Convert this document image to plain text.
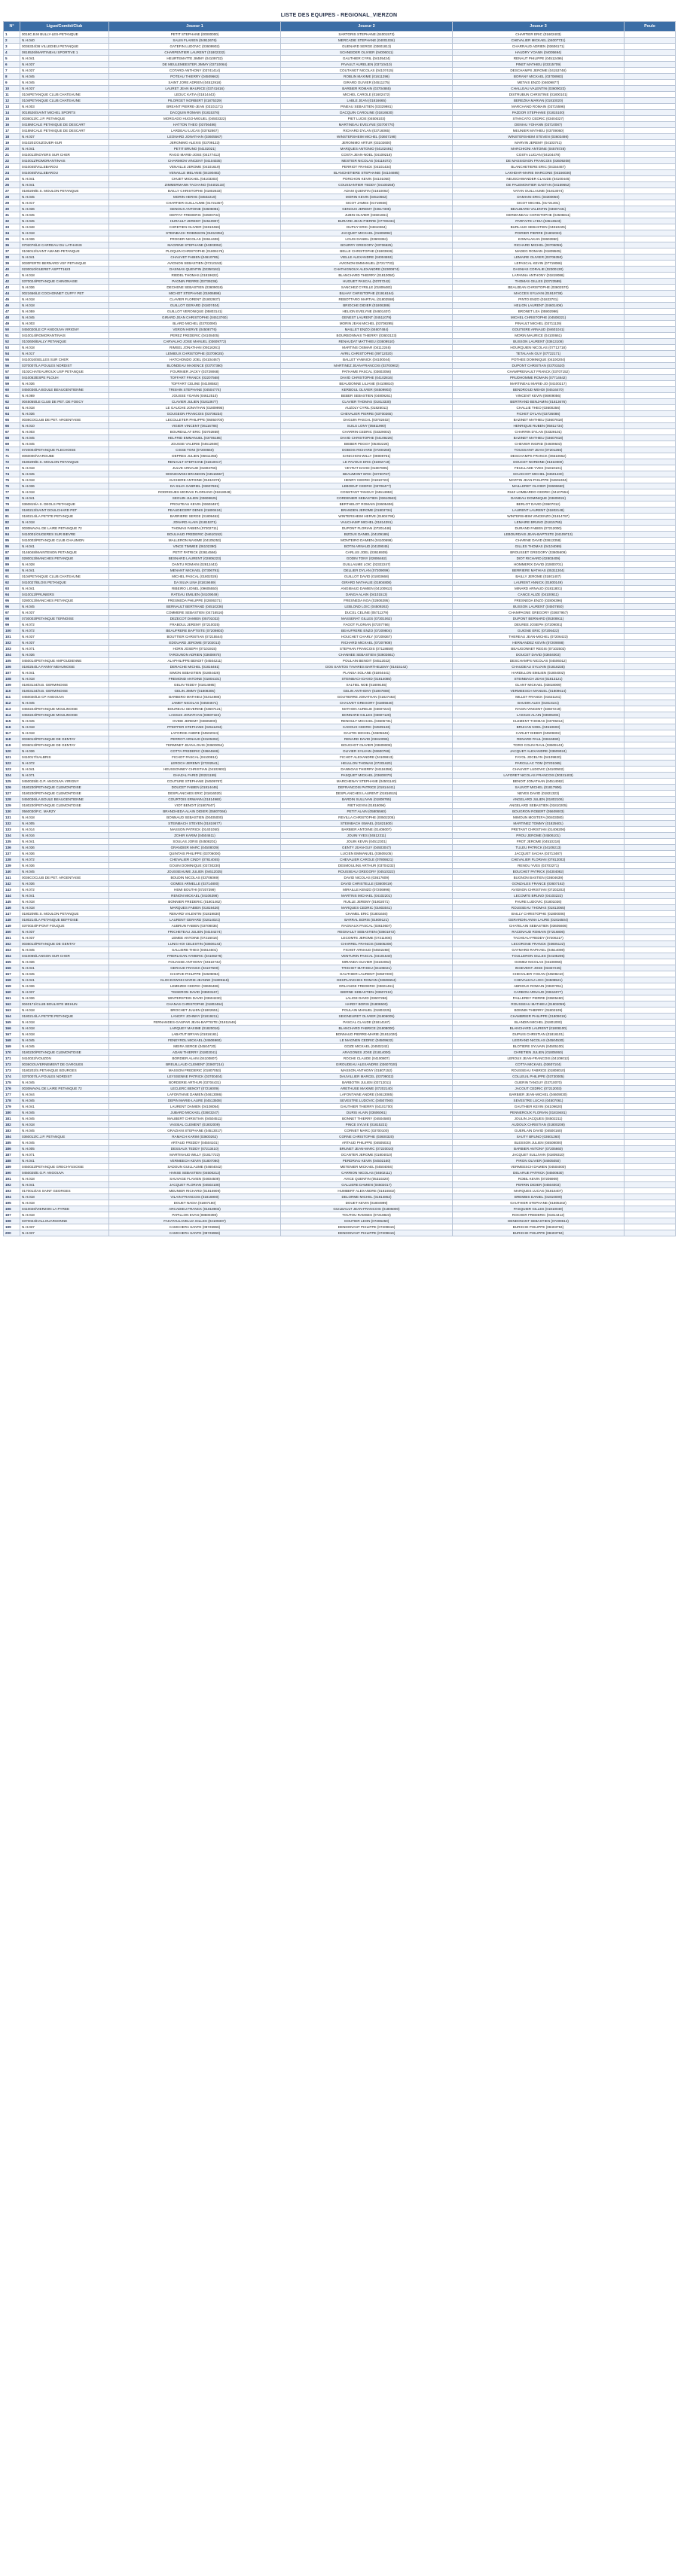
LISTE DES EQUIPES - REGIONAL_VIERZON
N°	Ligue/Comité/Club	Joueur 1	Joueur 2	Joueur 3	Poule
1	0018C.B.M BULLY-LES-PETANQUE	PETIT STEPHANE (00000000)	SARTORIS STEPHANE (04001573)	CHARTIER ERIC (01602403)	
2	N.H.040	SALIN FLAVIEN (04912676)	MERCADIE STEPHANE (04001034)	CHEVALIER MICKAEL (04007731)	
3	0036334/36 VILLEDIEU PETANQUE	GATEFIN LUDOVIC (03609902)	GUENARD SERGE (03601813)	CHARRAUD ADRIEN (03606171)	
4	0818526/MARTINEAU SPORTIVE 1	CHARPENTIER LAURENT (01802332)	SCHNEIDER OLIVIER (04006011)	HAUDRY YOANN (04005694)	
5	N.H.041	HEURTEMATTE JIMMY (04109732)	GAUTHIER CYRIL (04105424)	RENAUT PHILIPPE (04512496)	
6	N.H.037	DE MEULEMEESTER JIMMY (03710064)	PIVAULT AURELIEN (03710410)	PINET MATHIEU (03315709)	
7	N.H.037	COTARD ANTHONY (03741414)	COUTANGT NICOLAS (04107415)	DESCHAMPS JEROME (04153748)	
8	N.H.045	POTEAU THIERRY (04509662)	ROBLIN MAXIME (01611296)	BORANY MICKAEL (03708983)	
9	N.H.045	SAINT JORE ADRIEN (04512918)	GIRARD OLIVIER (04511275)	METAIS ENZO (04609877)	
10	N.H.037	LAURET JEAN MAURICE (03741616)	BARBIER ROMAIN (03704865)	CHALLEAU VALENTIN (03609023)	
11	0104PETANQUE CLUB CHATEAUNE	LEDUC KATIA (01814443)	MICHEL CAROLE (01602472)	DISTRUBUN CHRISTINE (01800101)	
12	0104PETANQUE CLUB CHATEAUNE	PILORGET NORBERT (01875329)	LABLE JEAN (01816665)	BEREZNA MARIAN (01810020)	
13	N.H.003	BREANT PIERRE-JEAN (03101171)	PINEAU SEBASTIEN (03329981)	MARCHAND ROMAIN (03715596)	
14	0018526/SAINT MICHEL SPORTS	DACQUIN ROMAIN (01815376)	DACQUIN CAROLINE (01816630)	PAZDOR STEPHANE (01815100)	
15	0036012/C.J.P. PETANQUE	MORGADO HUGO-MIGUEL (04503322)	PIET LUCIE (04505103)	STANCATO CEDRIC (03404327)	
16	0418MICALE PETANQUE DE DESCART	HATTON THEO (03706486)	MARTINEAU EVELYNE (03700770)	DENIAU YOHANN (03710087)	
17	0418MICALE PETANQUE DE DESCART	LARDEAU LUCAS (03762867)	RICHARD DYLAN (03716065)	MEUNIER MATHIEU (03709060)	
18	N.H.037	LEONARD JONATHAN (03605567)	WINSTERSHEIM MICHEL (03607198)	WINSTERSHEIM STEVEN (03603498)	
19	0410201/OUZOUER-SUR	JERONIMO ALEXIS (03709123)	JERONIMO ARTUR (03102600)	MARVIN JEREMY (04103741)	
20	N.H.041	PETIT BRUNO (04102021)	MARQUES ANTONIO (04102491)	MARCHIONI ANTOINE (04578728)	
21	0410013/NOYERS SUR CHER	RAGO MARIE-JOSE (04177412)	COSTA JEAN-NOEL (04109218)	COSTA LUCIAN (04104478)	
22	0410011/ROMORANTINAIS	CHARMION VINCENT (04104035)	MESTIER NICOLAS (04119372)	DE MASSIGNON FRANCOIS (03609208)	
23	0410045/VILLEBAROU	VENAILLE JEROME (04101619)	PERRIOT FRANCK (04101434)	BLANCHETIERE ERIC (04154467)	
24	0410045/VILLEBAROU	VENAILLE MELANIE (04190482)	BLANCHETIERE STEPHANIE (04104695)	LAKHDAR-MARIE MARCONE (04156036)	
25	N.H.041	CHUET MICKAEL (04103303)	PORCHON KEVIN (04101050)	NEUSCHWANDER CLAUDE (04100446)	
26	N.H.041	ZIMMERMANN TACHANO (04402133)	COUSSANTIER TEDDY (04100258)	DE PALEMONTIER GAETAN (04159652)	
27	0180209/E.S. MOULON PETANQUE	BAILLY CHRISTOPHE (01802633)	ADAM QUENTIN (01810092)	VATAN GUILLAUME (01813074)	
28	N.H.045	MORIN HERVE (04502219)	MORIN KEVIN (04510662)	DAMIANI ERIC (03300050)	
29	N.H.017	CHARTIER GUILLAUME (01721357)	SICOT JAMES (01719936)	SICOT MICHEL (01721301)	
30	N.H.036	GENOUX ANTOINE (03606081)	GENOUX JEREMY (03617305)	BEAUBARD VALENTIN (03607431)	
31	N.H.045	DEFFAY FREDERIC (04500734)	JUBIN OLIVIER (04501661)	GERMANEAU CHRISTOPHE (04506811)	
32	N.H.045	HURAULT JEREMY (04510907)	BURARD JEAN PIERRE (07700234)	PARFAITE LYDIA (04513623)	
33	N.H.048	CHRETIEN OLIVIER (04810466)	DUPUY ERIC (04810364)	BURLAUD SEBASTIEN (04810225)	
34	N.H.018	STEINBACH ROBINSON (01810353)	JACQUET MICKAEL (01806992)	POIRIER PIERRE (01802023)	
35	N.H.036	FROGER NICOLAS (03614408)	LOUIS DANIEL (03603384)	KOWALAKAN (03603950)	
36	0702076/LE CARREAU DU LATHANIS	MAGRINE STEPHANE (04303052)	BOURRY GREGORY (03706625)	RICHARD MICHEL (03706055)	
37	0106012/SAINT AMAND-PETANQUE	PLOQUIN CHRISTOPHE (01806176)	BELLE CHRISTOPHE (01803936)	MADEG ROMAIN (01809505)	
38	N.H.041	CHAUVET FABIEN (04610785)	VIELLE ALEXANDRE (04004553)	LEMAIRE OLIVIER (03706350)	
39	0030FERTE BERNARD VSF PETANQUE	AVIGNON SEBASTIEN (07210153)	AVIGNON EMMANUEL (07217733)	LEPASCAL KEVIN (07719086)	
40	0230010/GUERET ASPTT1623	DASNIAS QUENTIN (02350162)	CHATAIGNOUX ALEXANDRE (02300874)	DASNIAS CORALIE (02300130)	
41	N.H.018	RIEDEL THOMAS (01819622)	BLANCHARD THIERRY (01810050)	LAPANNA ANTHONY (01819086)	
42	0370024/PETANQUE CHINONAISE	PAGNIN PIERRE (03739236)	HUGUET PASCAL (03707242)	THOMAS GILLES (03723589)	
43	N.H.036	DECHENE SEBASTIEN (03609018)	SANCHEZ CYRILLE (01806483)	BEAUJEAN CHRISTOPHE (03602570)	
44	0021656/LE COCHONNET CUFFY PET	MICHOT STEPHANE (01906898)	BILHAY CHRISTOPHE (01916164)	MACCES SYLVAIN (01919738)	
45	N.H.018	CLAVIER FLORENT (01802937)	REBOTTARO MARTIAL (01802558)	PINTO ENZO (01823701)	
46	N.H.018	GUILLOT GERARD (01807404)	BRIOCHE DIDIER (01806389)	HELION LAURENT (04601406)	
47	N.H.059	GUILLOT VERONIQUE (05803141)	HELION EVELYNE (04601407)	BRONET LEA (05902996)	
48	N.H.045	GIRARD JEAN CHRISTOPHE (04513760)	GENEST LAURENT (04511079)	MICHEL CHRISTOPHE (04508321)	
49	N.H.003	BLARD MICHEL (03703090)	MORIN JEAN MICHEL (03708295)	PINAULT MICHEL (03711129)	
50	0450020/LE CP ANGOUVA VIRIGNY	VERON HERVE (04508776)	MAILLET ENZO (04607484)	GOUTIERE ARNAUD (04601041)	
51	0410014/ROMORANTINAIS	PEREZ FREDERIC (04108405)	BOURBONNAIS THIERRY (03603123)	MORIN MAURICE (04100661)	
52	0103606/BALLY PETANQUE	CARVALHO JOSE MANUEL (03609772)	RENAUDAT MATTHIEU (03609510)	BUSSON LAURENT (03613108)	
53	N.H.018	RIMSEL JONATHAN (09116261)	MARTINS OSIMAR (04112246)	HOURQUIEN NICOLAS (07712718)	
54	N.H.017	LEMIEUX CHRISTOPHE (03709025)	AVRIL CHRISTOPHE (09712020)	TETALAAN GUY (07722171)	
55	0410016/SELLES SUR CHER	HATCHONDO JOEL (04104467)	BALLET YANNICK (04100044)	POTHEE DOMINIQUE (04100204)	
56	0370007/LA POULES NORDIST	BLONDEAU MAXENCE (03707360)	MARTINEZ JEAN-FRANCOIS (03700902)	DUPONT CHRISTIAN (03701520)	
57	0102CHATEAUROUX USP PETANQUE	FOURNIER JACKY (03729068)	PATHAME PASCAL (03602056)	CHAMPRENAULT FRANCK (03707152)	
58	0410063/ESPE PLOUH	TOFFART FRANCK (03207568)	DAVID CHRISTOPHE (04102816)	PRUDHOMME ROMAIN (07714642)	
59	N.H.036	TOFFART CELINE (04108582)	BEAUDONNE LILIANE (04108810)	MARTINEAU MARIE-JO (04100217)	
60	0450036/LA BOULE BEAUGENTIENNE	TRISHIN STEPHANE (04504774)	KERBOUL OLIVIER (04509903)	BENDROUD MEHDI (04516470)	
61	N.H.069	JOUSSE YOANN (04612510)	BEBER SEBASTIEN (04809261)	VINCENT KEVIN (06909056)	
62	0045055/LE CLUB DE PET. DE FOECY	CLAVIER JULIEN (01813677)	CLAVIER THOMAS (01813330)	BERTRAND BENJAMIN (01813676)	
63	N.H.018	LE GAUCHE JONATHAN (01809995)	AUZOLY CYRIL (01825011)	CHALLIE THEO (03600256)	
64	N.H.036	GOUGEON FRANCOIS (03708234)	CHEVALIER PIERRE (03700265)	FICHET DYLAN (03726086)	
65	0036COCLUB DE PET. ARGENTAISE	LECOLLETER PHILIPPE (06050700)	DAGUIN PASCAL (03702402)	BAZINET MATHIEU (03607818)	
66	N.H.010	VIGIER VINCENT (06116785)	SUILS LONY (05811990)	HENRIQUE RUBEN (05811734)	
67	N.H.003	BOURDILLAT ERIC (03702859)	CHARRIN CEDRIC (03329002)	CHARRIN DYLAN (03329101)	
68	N.H.045	HELFRID EMMANUEL (03705185)	DAVID CHRISTOPHE (04109226)	BAZINET MATHIEU (03607818)	
69	N.H.045	JOUSSE VALERIE (04612608)	BIEBER PEGGY (05302226)	CHEVIER INGRID (04609503)	
70	0720004/PETANQUE FLECHOISE	CISSE TONI (07200650)	DOBOIS RICHARD (07200268)	TOUSSAINT JEAN (07201266)	
71	0060000/VIAROUBE	DEPRES JULIEN (06611356)	SANICHON WILLY (06908761)	DESCHAMPS FRANCK (06610652)	
72	0180209/E.S. MOULON PETANQUE	RENAULT STEPHANE (01810017)	LE PAVOUX ERIC (01902719)	DOUCET NORDINE (01810000)	
73	N.H.018	JULVE ARNAUD (01803766)	VEYRAT DAVID (01807805)	FEUILLADE YVES (01810101)	
74	N.H.045	WISNICWSKI BRANDON (04515557)	BEAUMONT ERIC (03730767)	SCUICHOT MICHEL (04501230)	
75	N.H.018	AUCHERE ANTOINE (01810378)	HENRY CEDRIC (01810723)	MARTIN JEAN-PHILIPPE (04602404)	
76	N.H.036	DA SILVA GABRIEL (03607681)	LEBOEUF CEDRIC (03706477)	MAILLERET OLIVIER (03606660)	
77	N.H.018	RODRIGUES MORAIS FLORIANO (01818048)	CONSTANT TANGUY (04614953)	RUIZ LOMBARDO CEDRIC (04107554)	
78	N.H.041	SEGUIN JULIEN (03608625)	CORDENIER SEBASTIEN (03610563)	DANIEAU DOMINIQUE (03609024)	
79	0360819/A.S. DEOLS PETANQUE	PROUTEAU KEVIN (03603487)	BERTHELOT ROMAIN (03605406)	BERLOT DAVID (03607012)	
80	0180213/SAINT DOULCHARD PET	PEAUDECERF DENIS (01800424)	BRANDEN JEROME (01803734)	LAURENT LAURENT (01802148)	
81	0180214/LA PETITE PETANQUE	BARRIERE SERGE (01809462)	WINTERSHEIM HERVE (01804795)	WINTERSHEIM VINCENZO (01814797)	
82	N.H.018	JONARD ALAIN (01815371)	VAUCHAMP MICHEL (01814291)	LEMAIRE BRUNO (01815765)	
83	0030MAVAL DE LAIRE PETANQUE 72	THOMAS FABIEN (07202711)	DUPONT FLORIAN (07201448)	DURAND FABIEN (07212000)	
84	0410001/OUGERES SUR BIEVRE	BOULIAUD FREDERIC (04610152)	BIZOUX DANIEL (04109186)	LEBOURDAIS JEAN-BAPTISTE (04109713)	
85	0410003/PETANQUE CLUB CHAUMON	MALLERON MAXIME (04105253)	MONTEIRO DAMIEN (04100699)	CHARINE DAVID (03612358)	
86	N.H.041	VINCE TIMMEE (06102390)	BOTIN ARNAUD (04109045)	GILLES THOMAS (04104069)	
87	0146048/MAINTENON PETANQUE	PETIT PATRICK (03614566)	CARLUS JOEL (03616939)	BROUSSET GREGORY (03605609)	
88	0280013/MANCHES PETANQUE	BESNARD LAURENT (02806223)	GODIN TONY (02806462)	DIOT RICHARD (02803409)	
89	N.H.028	DANTU ROMAIN (02812443)	GUILLAUME LOIC (02322247)	HOMMERIX DAVID (02800701)	
90	N.H.041	MENANT MICKAEL (07306791)	DELLIER DYLAN (07209099)	BERRIERE MATHIAS (05311304)	
91	0104PETANQUE CLUB CHATEAUNE	MICHEL PASCAL (01802026)	GUILLOT DAVID (01803668)	BAILLY JEROME (01801407)	
92	0410027/BLOIS PETANQUE	DA SILVA LINA (01819469)	GIRARD NATHALIE (01804808)	LAURENT ANNICK (01800149)	
93	N.H.041	RIBEIRO LIONEL (09605550)	ANGIBAUD DAMIEN (04100912)	MINARD ARNAUD (01811801)	
94	0410012/PRUNIERS	RATEAU EMILIEN (04109049)	DANGA ALAIN (04101513)	CANCE ALIZE (04100611)	
95	0280013/MANCHES PETANQUE	FRESNEDA PHILIPPE (02806371)	FRESNEDA NOA (02806395)	FRESNEDA ENZO (02806396)	
96	N.H.045	BERNAULT BERTRAND (04510236)	LEBLOND LOIC (04509263)	BUSSON LAURENT (04507650)	
97	N.H.037	COMMERE SEBASTIEN (04716516)	DUCEL CELINE (05711279)	CHAMPAGNE GREGORY (03607957)	
98	0730003/PETANQUE TERNOISE	DEZECOT DAMIEN (05701022)	MASSERAT GILLES (07301062)	DUPONT BERNARD (05308911)	
99	N.H.072	FRABOUL JEREMY (07210025)	FAGOT FLORIAN (07207766)	DEUREE JOSEPH (07209001)	
100	N.H.072	BEAUFRERE BAPTISTE (07209803)	BEAUFRERE ENZO (07209804)	GUIGNE ERIC (07206422)	
101	N.H.037	BOUTTIER CHRISTIAN (07215544)	HOUCHET CHARLY (07209367)	THEREAU JEAN-MICHEL (07206423)	
102	N.H.037	EDOUARD JEROME (07202013)	RICHARD MICKAEL (07207808)	HERNANDEZ KEVIN (07209088)	
103	N.H.071	HORN JOSEPH (07101915)	STEPHAN FRANCOIS (07118659)	BEAUGONNET REGIS (07102502)	
104	N.H.036	TAROUNON ADRIEN (03608675)	CHANNEE SEBASTIEN (03603661)	DOUCET DAVID (03604003)	
105	0450014/PETANQUE AMPOUDIENNE	ALAPHILIPPE BENOIT (04504211)	POULAIN BENOIT (04512022)	DESCHAMPS NICOLAS (04506012)	
106	0180254/LA FANNY MEHUNOISE	DERACHE MICHEL (01816461)	DOS SANTOS TAVARES BARTHELEMY (01815142)	CHAUDEAU SYLVAIN (01818235)	
107	N.H.041	SIMON SEBASTIEN (01804426)	PLANSA SOLANE (01804441)	HARDILLON EMILIEN (01804002)	
108	N.H.018	FREMOND ANTOINE (01804101)	STEINBACH DAVID (01814085)	STEINBACH JEAN (01813121)	
109	01803134/S.B. GERMINOISE	GELIN TEDDY (01814985)	SALTIEL NOE (01809155)	GLANT MICKAEL (03818009)	
110	01803134/S.B. GERMINOISE	GELIN JIMMY (01808305)	GELIN ANTHONY (01907808)	VERMEESCH MANUEL (01809614)	
111	0450020/LE CP ANGOUVA	BARBERO MATHIEU (01014986)	GOUTIERRE JONATHAN (01827463)	MILLET FRANCK (01621161)	
112	N.H.045	JAMET NICOLAS (04504671)	CHAUVET GREGORY (01805640)	BAUDIN ALEX (01813131)	
113	0450224/PETANQUE MOULINOISE	BOUREAU SEVERINE (03607121)	MATHON AURELIE (03607223)	RAGIN VINCENT (03607219)	
114	0450224/PETANQUE MOULINOISE	LASSUS JONATHAN (03607324)	BONNARD GILLES (03607128)	LASSUS ALAIN (03605304)	
115	N.H.045	OVIDE JEREMY (03605000)	RENOULT MICHAEL (03606731)	CLEMENT THOMAS (03705014)	
116	N.H.018	PFEIFFER STEPHANE (04511294)	CADOUX CEDRIC (04509133)	BRUHAN NOEL (04510603)	
117	N.H.018	LAFORGE ANDRE (04502024)	DAUTIN MICHEL (04505646)	CARLET DIDIER (04509302)	
118	0036013/PETANQUE DE GENTAY	PERROT ARNAUD (03105392)	RENARD DAVID (03610095)	RENARD PAUL (03615590)	
119	0036013/PETANQUE DE GENTAY	TERMINET JEAN-LOUIS (03600054)	BOUCHOT OLIVIER (03609008)	TORO COLIN RAUL (03609143)	
120	N.H.036	COTTA FREDERIC (03604669)	OLIVIER SYLVAIN (03600769)	JACQUET ALEXANDRE (03609024)	
121	0410017/SALBRIS	FICHOT PASCAL (04100812)	FICHOT ALEXANDRE (04109813)	FAYOL JOCELYN (04109820)	
122	N.H.072	LEROCH JEREMY (07202541)	HEULLON THOMAS (07201620)	PARCILLAC TOM (07201065)	
123	N.H.041	HEUSSONNEY CHRISTIAN (04102602)	DANNOAS THIERRY (04116358)	CHAUVET LUDOVIC (04100502)	
124	N.H.071	GHAZAL FARID (00221159)	PASQUET MICKAEL (03600070)	LAFORET NICOLAS FRANCOIS (00321403)	
125	0450025/E.G.P. ANGOUVA VIRIGNY	COUTURE STEPHANE (04509767)	MARCHENAY STEPHANE (04501140)	BENOIT JONATHAN (04514062)	
126	0180230/PETANQUE CLEMONTOISE	DOUCET FABIEN (01814446)	DEFRANCOIS PATRICE (01814441)	SAUVOT MICHEL (01817906)	
127	0180230/PETANQUE CLEMONTOISE	DESPLANCHES ERIC (01816020)	DESPLANCHES LAURENT (01816515)	NEVES DAVID (01821323)	
128	0450036/LA BOULE BEAUGENTIENNE	COURTOIS ERWANN (01814960)	BARDIN SULLIVAN (01808765)	ANGELARD JULIEN (01802106)	
129	0180230/PETANQUE CLEMONTOISE	VIOT BENOIT (01807847)	RIET KEVIN (01816096)	ANGELARD SEBASTIEN (01810205)	
130	0560030/P.C. MARZY	BRANDHEDA ALAIN DIDIER (05807066)	PETIT ALAIN (05805560)	BOUGRON ROBERT (05609003)	
131	N.H.018	BONNAUD SEBASTIEN (00405000)	REVILLA CHRISTOPHE (00502205)	MIMOUN MOSTEFA (00403080)	
132	N.H.005	STEINBACH STEVEN (01819577)	STEINBACH ISMAEL (01821500)	MARTINEZ TOMMY (01825601)	
133	N.H.014	MASSON PATRICK (01401050)	BARBIER ANTOINE (01406007)	PRETANT CHRISTIAN (01406206)	
134	N.H.016	ZOHIR KARIM (04504611)	JOUIN YVES (04512311)	PROU JEROME (04506101)	
135	N.H.041	SOULAS JORIS (04508201)	JOUIN KEVIN (04512301)	FROT JEROME (04510218)	
136	N.H.036	GRANDIER MARC (04508039)	GENTY JEAN-GUY (04503047)	TULEU PATRICK (04109213)	
137	N.H.036	QUINTAIS PHILIPPE (03706000)	LUCIEN EMMANUEL (03609105)	JACQUET SACHA (03713487)	
138	N.H.072	CHEVALIER CINDY (07814045)	CHEVALIER CAROLE (07806621)	CHEVALIER FLORIAN (07812002)	
139	N.H.036	GOUIN DOMINIQUE (03730230)	DESMOULINS ARTHUR (03704232)	RENOU YVES (03703271)	
140	N.H.045	JOUSSEAUME JULIEN (04612025)	ROUSSEAU GREGORY (04510322)	BOUCHET PATRICK (04304082)	
141	0036COCLUB DE PET. ARGENTAISE	BOUDIN NICOLAS (03706069)	DAVID NICOLAS (03617609)	BUGNON BASTIEN (03604639)	
142	N.H.036	GOMES ARMELLE (03714800)	DAVID CHRISTELLE (03600019)	GONZALES FRANCE (03607162)	
143	N.H.072	HEMI BOUTHI (07207399)	MIRAILLE KENZO (07206996)	AVIGNON CHRISTIAN (07202202)	
144	N.H.041	RENON MICKAEL (04106398)	MARTINS MICHAEL (04102201)	LECOMTE BRUNO (04103222)	
145	N.H.018	BONNIER FREDERIC (01801462)	RUILLE JEREMY (01802071)	FAURE LUDOVIC (01801026)	
146	N.H.018	MARQUES FABIEN (01819426)	MARQUES CEDRIC (01803041)	ROUSSEAU THOMAS (01812065)	
147	0180209/E.S. MOULON PETANQUE	RENARD VALENTIN (01819830)	CHAMEL ERIC (01801646)	BAILLY CHRISTOPHE (01800006)	
148	0180214/LA PETANQUE BEFFOISE	LAURENT GERARD (01814021)	BARRAL BORIS (01809121)	GERARDIN ANNA LAURE (01816504)	
149	0370024/P.PONT FOUQUE	AUBRUN FABIEN (03708035)	RAGNAUX PASCAL (03610607)	CHATELAIN SEBASTIEN (03605606)	
150	N.H.037	FRICHETEAU JULIEN (04104274)	REGNAULT SEBASTIEN (03601872)	RACENAUD ROMAIN (07216806)	
151	N.H.037	LEMEE ANTOINE (07216016)	LECOMTE JEROME (07211006)	TACHEAU FREDDY (07206217)	
152	0036013/PETANQUE DE GENTAY	LUNG HOI CELESTIN (03606143)	CHARREL FRANCIS (03605208)	LECORGNE FRANCK (03605122)	
153	N.H.045	SALLIERE THEO (04614601)	FICHET ARNAUD (04502268)	GAYMARD RAPHAEL (04514098)	
154	0410065/LANGON SUR CHER	FRERLIGAN AYMERIC (04108276)	VENTURIN PASCAL (04101540)	TOULLERON GILLES (04105205)	
155	N.H.036	FOUASSE ANTHONY (04510742)	MIRANDA OLIVIER (04102062)	GOMEZ NICOLAS (04108066)	
156	N.H.041	GERAUD FRANCK (04107500)	TRICHET MATHIEU (04105021)	INGEVENT JOSE (03337245)	
157	N.H.045	CHARVE PHILIPPE (04509054)	GAUTHIER LAURENT (04507200)	CHEVALIER YOHAN (04508210)	
158	N.H.041	KLOCKOWSKI MARIE-JEANNE (01809116)	DESPLANCHES ROMAIN (03606554)	CHEVALEAU LOIC (04508521)	
159	N.H.036	LEMEZEE CEDRIC (03606486)	ORLIANGE FREDERIC (03601461)	ABRIOUX ROMAIN (03607051)	
160	N.H.037	TISSERON DAVID (03603167)	BIERNE SEBASTIEN (03607210)	CARBON ARNAUD (03616077)	
161	N.H.036	WINTERSTEIN DAVID (03604230)	LALIGE DAVID (03607266)	PAILLEREY PIERRE (03605460)	
162	0040171/CLUB BOULISTE MEHUN	CHANAS CHRISTOPHE (01802464)	HARDY BORIS (01806500)	ROUSSEAU MATHIEU (01802059)	
163	N.H.018	BROCHET JULIEN (01802651)	POULAIN MANUEL (01802225)	BONNIN THIERRY (01802109)	
164	0180214/LA PETITE PETANQUE	LANCRY JOHNNY (01819211)	SEIGNEURET OLIVIER (01806005)	CHAMBRIER PHILIPPE (01809019)	
165	N.H.018	FERNANDES-GASPAR JEAN-BAPTISTE (01811546)	PASCAL CLAUDE (01814167)	BLANDIN MICHEL (01801000)	
166	N.H.018	LARQUEY MAXIME (01820016)	BLANCHARD FABRICE (01808000)	BLANCHARD LAURENT (01808100)	
167	N.H.018	LABATUT BRYAN (01816161)	BONNAUD PIERRE-MARIE (01811020)	DUPUIS CHRISTIAN (01816101)	
168	N.H.045	FENEYROL MICKAEL (04506960)	LE MAGNEN CEDRIC (04509622)	LEGRAND NICOLAS (04504530)	
169	N.H.045	MEIRA SERGE (04504720)	GOZE MICKAEL (04502242)	BLOTIERE SYLVAIN (04505100)	
170	0180230/PETANQUE CLEMONTOISE	ADAM THIERRY (01802041)	ARAGONES JOSE (01814000)	CHRETIEN JULIEN (01805060)	
171	0410022/VOUZON	BORDIER ALAIN (04100807)	ROCHE CLAUDE (04100807)	LEROUX JEAN-FRANCOIS (04109012)	
172	0036GOUVERNEMENT DE GARGUES	BREUILLAUD CLEMENT (03607214)	GIROUDEAU ALEXANDRE (03607020)	COTTA MICKAEL (03607104)	
173	0180202/S.PETANQUE BOURGES	MASSON FREDERIC (01807053)	MASSON ANTHONY (01807152)	ROUSSEAU FABRICE (01808010)	
174	0370007/LA POULES NORDIST	LEYSSENNE PATRICK (03700404)	DAUVILLIER MARCEL (03709022)	COLLEUIL PHILIPPE (03730005)	
175	N.H.045	BORDERIE ARTHUR (03704431)	BARBOTIN JULIEN (03712011)	GUERIN TANGUY (03710070)	
176	0030MAVAL DE LAIRE PETANQUE 72	LECLERC BENOIT (07216009)	ARETHUSE MAXIME (07202140)	JACOUT CEDRIC (07212003)	
177	N.H.044	LAFONTAINE DAMIEN (04613086)	LAFONTAINE ANDRE (04613085)	BARBIER JEAN-MICHEL (04609030)	
178	N.H.045	DEPIN MARIE-LAURE (04513508)	SEVESTRE LUDOVIC (04507060)	SEVESTRE LUCAS (04507061)	
179	N.H.041	LAURENT DAMIEN (04108054)	GAUTHIER THIERRY (04101700)	GAUTHIER KEVIN (04109620)	
180	N.H.045	JUBARD MICKAEL (03603247)	DURIS ALAIN (03606061)	PENNEROUX FLORIAN (01819481)	
181	N.H.045	MAUBERT CHRISTIAN (04504511)	BONNET THIERRY (04504580)	JOULIN JACQUES (04502211)	
182	N.H.018	VASSIAL CLEMENT (01802009)	PINCE SYLVIE (01815221)	AUDOUX CHRISTIAN (01800208)	
183	N.H.045	GRAZIANI STEPHANE (04513017)	CORNET MARC (03700100)	GUERLAIN DAVID (04500160)	
184	0360012/C.J.P. PETANQUE	RAMACH KARIM (03600262)	CORNE CHRISTOPHE (03600320)	SAUTY BRUNO (03601260)	
185	N.H.045	ARTAUD FREDDY (04504101)	ARTAUD PHILIPPE (04505031)	BLESSON JULIEN (04508000)	
186	N.H.005	DESSAUX TEDDY (07213410)	BRUNET JEAN-MARC (07220010)	BARBIER ANTONY (07205660)	
187	N.H.071	MARTINAUD WILLY (01817723)	OCANTER JEROME (01804010)	JACQUET SULLIVAN (01809310)	
188	N.H.041	VERMEECH KEVIN (01807060)	PERDRIAU KEVIN (04502160)	PIRON OLIVIER (04605050)	
189	0450022/PETANQUE GRECHYSSOISE	SADOUN GUILLAUME (04604042)	METENIER MICKAEL (04504004)	VERMEESCH DAMIEN (04504000)	
190	0450025/E.G.P. ANGOUVA	HANSE SEBASTIEN (04500212)	CARRION NICOLAS (04502111)	DELARUE PATRICK (04500630)	
191	N.H.018	SAUVAGE FLAVIEN (04604509)	AVICE QUENTIN (05310220)	ROBIL KEVIN (07206909)	
192	N.H.041	JACQUET FLORIAN (04502108)	GALLIERE DAMIEN (04502017)	PERRIN DIDIER (04504003)	
193	0170013/AS SAINT GEORGES	MEUNIER RICHARD (01816909)	HUMBERT ALEXANDRE (01816502)	MARQUES LUCAS (01816407)	
194	N.H.018	VILAIN FRANCOIS (01816900)	DELORME MICHEL (01814852)	BREMBIS DANIEL (01810009)	
195	N.H.018	DOUET NADIA (01807180)	DOUET KEVIN (01804999)	GAUTHIER STEPHANE (01805202)	
196	0410026/VIERZON LA PYREE	ARCADIEU FRANCK (01818902)	GUILBAULT JEAN-FRANCOIS (01805000)	PASQUIER GILLES (01810049)	
197	N.H.018	PAPILLON EVAN (08600390)	TOUTOU RAMSES (07218823)	ROCHER FREDERIC (01814412)	
198	0370024/HALLOUARSONNE	FAKATAULAVELUA GILLES (04109307)	GOUTIER LEON (07206450)	DENDONANT SEBASTIEN (07209612)	
199	N.H.037	CAMCHERA SANTE (08726966)	DENDONANT PHILIPPE (07209616)	BURICHE PHILIPPE (08403794)	
200	N.H.037	CAMCHERA SANTE (08726966)	DENDONANT PHILIPPE (07209616)	BURICHE PHILIPPE (08403794)	
